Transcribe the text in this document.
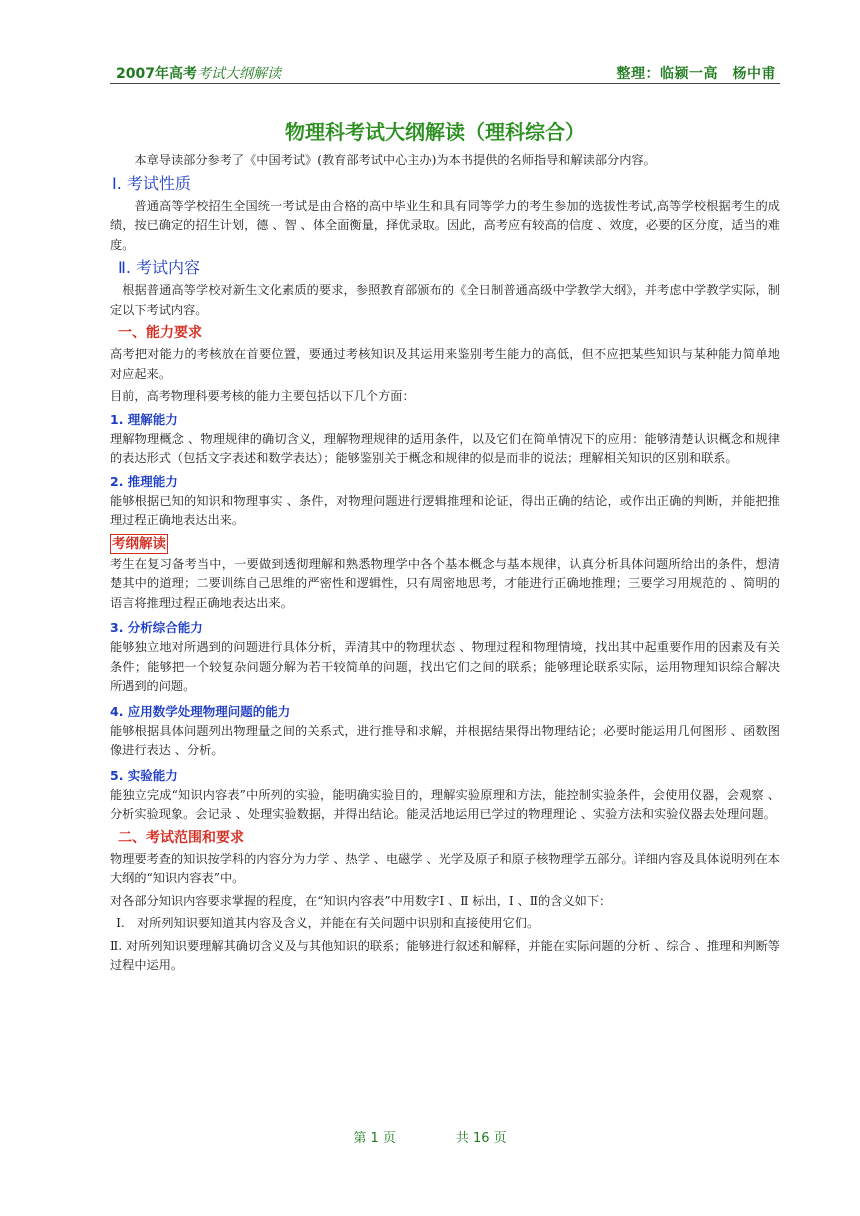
2007年高考考试大纲解读	整理：临颍一高　杨中甫
物理科考试大纲解读（理科综合）

本章导读部分参考了《中国考试》(教育部考试中心主办)为本书提供的名师指导和解读部分内容。

Ⅰ. 考试性质

普通高等学校招生全国统一考试是由合格的高中毕业生和具有同等学力的考生参加的选拔性考试,高等学校根据考生的成绩，按已确定的招生计划，德 、智 、体全面衡量，择优录取。因此，高考应有较高的信度 、效度，必要的区分度，适当的难度。

Ⅱ. 考试内容

根据普通高等学校对新生文化素质的要求，参照教育部颁布的《全日制普通高级中学教学大纲》，并考虑中学教学实际，制定以下考试内容。

一、能力要求

高考把对能力的考核放在首要位置，要通过考核知识及其运用来鉴别考生能力的高低，但不应把某些知识与某种能力简单地对应起来。

目前，高考物理科要考核的能力主要包括以下几个方面：

1. 理解能力

理解物理概念 、物理规律的确切含义，理解物理规律的适用条件，以及它们在简单情况下的应用：能够清楚认识概念和规律的表达形式（包括文字表述和数学表达）；能够鉴别关于概念和规律的似是而非的说法；理解相关知识的区别和联系。

2. 推理能力

能够根据已知的知识和物理事实 、条件，对物理问题进行逻辑推理和论证，得出正确的结论，或作出正确的判断，并能把推理过程正确地表达出来。

考纲解读

考生在复习备考当中，一要做到透彻理解和熟悉物理学中各个基本概念与基本规律，认真分析具体问题所给出的条件，想清楚其中的道理；二要训练自己思维的严密性和逻辑性，只有周密地思考，才能进行正确地推理；三要学习用规范的 、简明的语言将推理过程正确地表达出来。

3. 分析综合能力

能够独立地对所遇到的问题进行具体分析，弄清其中的物理状态 、物理过程和物理情境，找出其中起重要作用的因素及有关条件；能够把一个较复杂问题分解为若干较简单的问题，找出它们之间的联系；能够理论联系实际，运用物理知识综合解决所遇到的问题。

4. 应用数学处理物理问题的能力

能够根据具体问题列出物理量之间的关系式，进行推导和求解，并根据结果得出物理结论；必要时能运用几何图形 、函数图像进行表达 、分析。

5. 实验能力

能独立完成“知识内容表”中所列的实验，能明确实验目的，理解实验原理和方法，能控制实验条件，会使用仪器，会观察 、分析实验现象。会记录 、处理实验数据，并得出结论。能灵活地运用已学过的物理理论 、实验方法和实验仪器去处理问题。

二、考试范围和要求

物理要考查的知识按学科的内容分为力学 、热学 、电磁学 、光学及原子和原子核物理学五部分。详细内容及具体说明列在本大纲的“知识内容表”中。

对各部分知识内容要求掌握的程度，在“知识内容表”中用数字Ⅰ 、Ⅱ 标出，Ⅰ 、Ⅱ的含义如下：

Ⅰ.　对所列知识要知道其内容及含义，并能在有关问题中识别和直接使用它们。

Ⅱ. 对所列知识要理解其确切含义及与其他知识的联系；能够进行叙述和解释，并能在实际问题的分析 、综合 、推理和判断等过程中运用。

第 1 页	共 16 页
